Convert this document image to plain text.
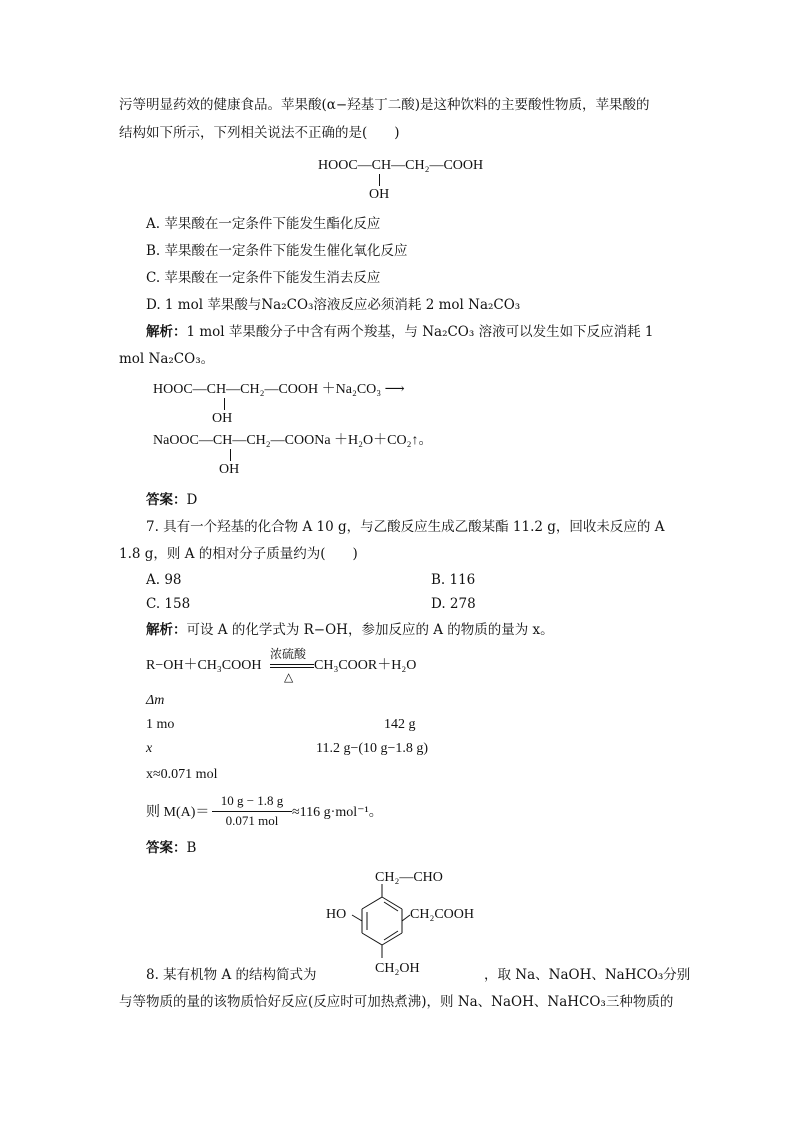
污等明显药效的健康食品。苹果酸(α−羟基丁二酸)是这种饮料的主要酸性物质，苹果酸的
结构如下所示，下列相关说法不正确的是(　　)
HOOC—CH—CH₂—COOH
OH
A. 苹果酸在一定条件下能发生酯化反应
B. 苹果酸在一定条件下能发生催化氧化反应
C. 苹果酸在一定条件下能发生消去反应
D. 1 mol 苹果酸与Na₂CO₃溶液反应必须消耗 2 mol Na₂CO₃
解析：1 mol 苹果酸分子中含有两个羧基，与 Na₂CO₃ 溶液可以发生如下反应消耗 1
mol Na₂CO₃。
HOOC—CH—CH₂—COOH ＋Na₂CO₃ ⟶
OH
NaOOC—CH—CH₂—COONa ＋H₂O＋CO₂↑。
OH
答案：D
7. 具有一个羟基的化合物 A 10 g，与乙酸反应生成乙酸某酯 11.2 g，回收未反应的 A
1.8 g，则 A 的相对分子质量约为(　　)
A. 98	B. 116
C. 158	D. 278
解析：可设 A 的化学式为 R−OH，参加反应的 A 的物质的量为 x。
R−OH＋CH₃COOH
浓硫酸
△
CH₃COOR＋H₂O
Δm
1 mo	142 g
x	11.2 g−(10 g−1.8 g)
x≈0.071 mol
则 M(A)＝
10 g − 1.8 g
0.071 mol
≈116 g·mol⁻¹。
答案：B
CH₂—CHO
HO	CH₂COOH
CH₂OH
8. 某有机物 A 的结构简式为	，取 Na、NaOH、NaHCO₃分别
与等物质的量的该物质恰好反应(反应时可加热煮沸)，则 Na、NaOH、NaHCO₃三种物质的
